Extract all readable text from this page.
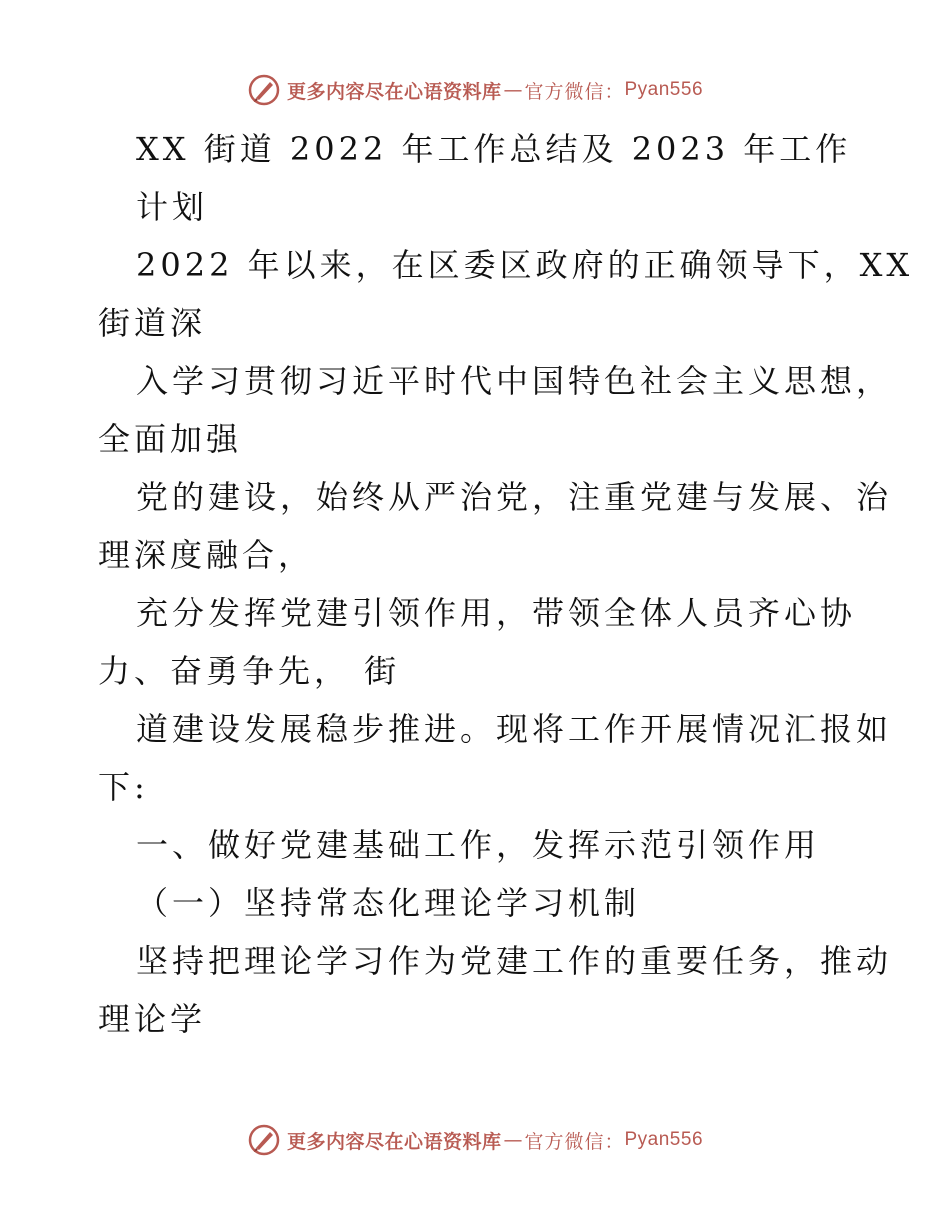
更多内容尽在心语资料库 — 官方微信： Pyan556
XX 街道 2022 年工作总结及 2023 年工作
计划
2022 年以来，在区委区政府的正确领导下，XX
街道深
入学习贯彻习近平时代中国特色社会主义思想，
全面加强
党的建设，始终从严治党，注重党建与发展、治
理深度融合，
充分发挥党建引领作用，带领全体人员齐心协
力、奋勇争先， 街
道建设发展稳步推进。现将工作开展情况汇报如
下:
一、做好党建基础工作，发挥示范引领作用
（一）坚持常态化理论学习机制
坚持把理论学习作为党建工作的重要任务，推动
理论学
更多内容尽在心语资料库 — 官方微信： Pyan556
